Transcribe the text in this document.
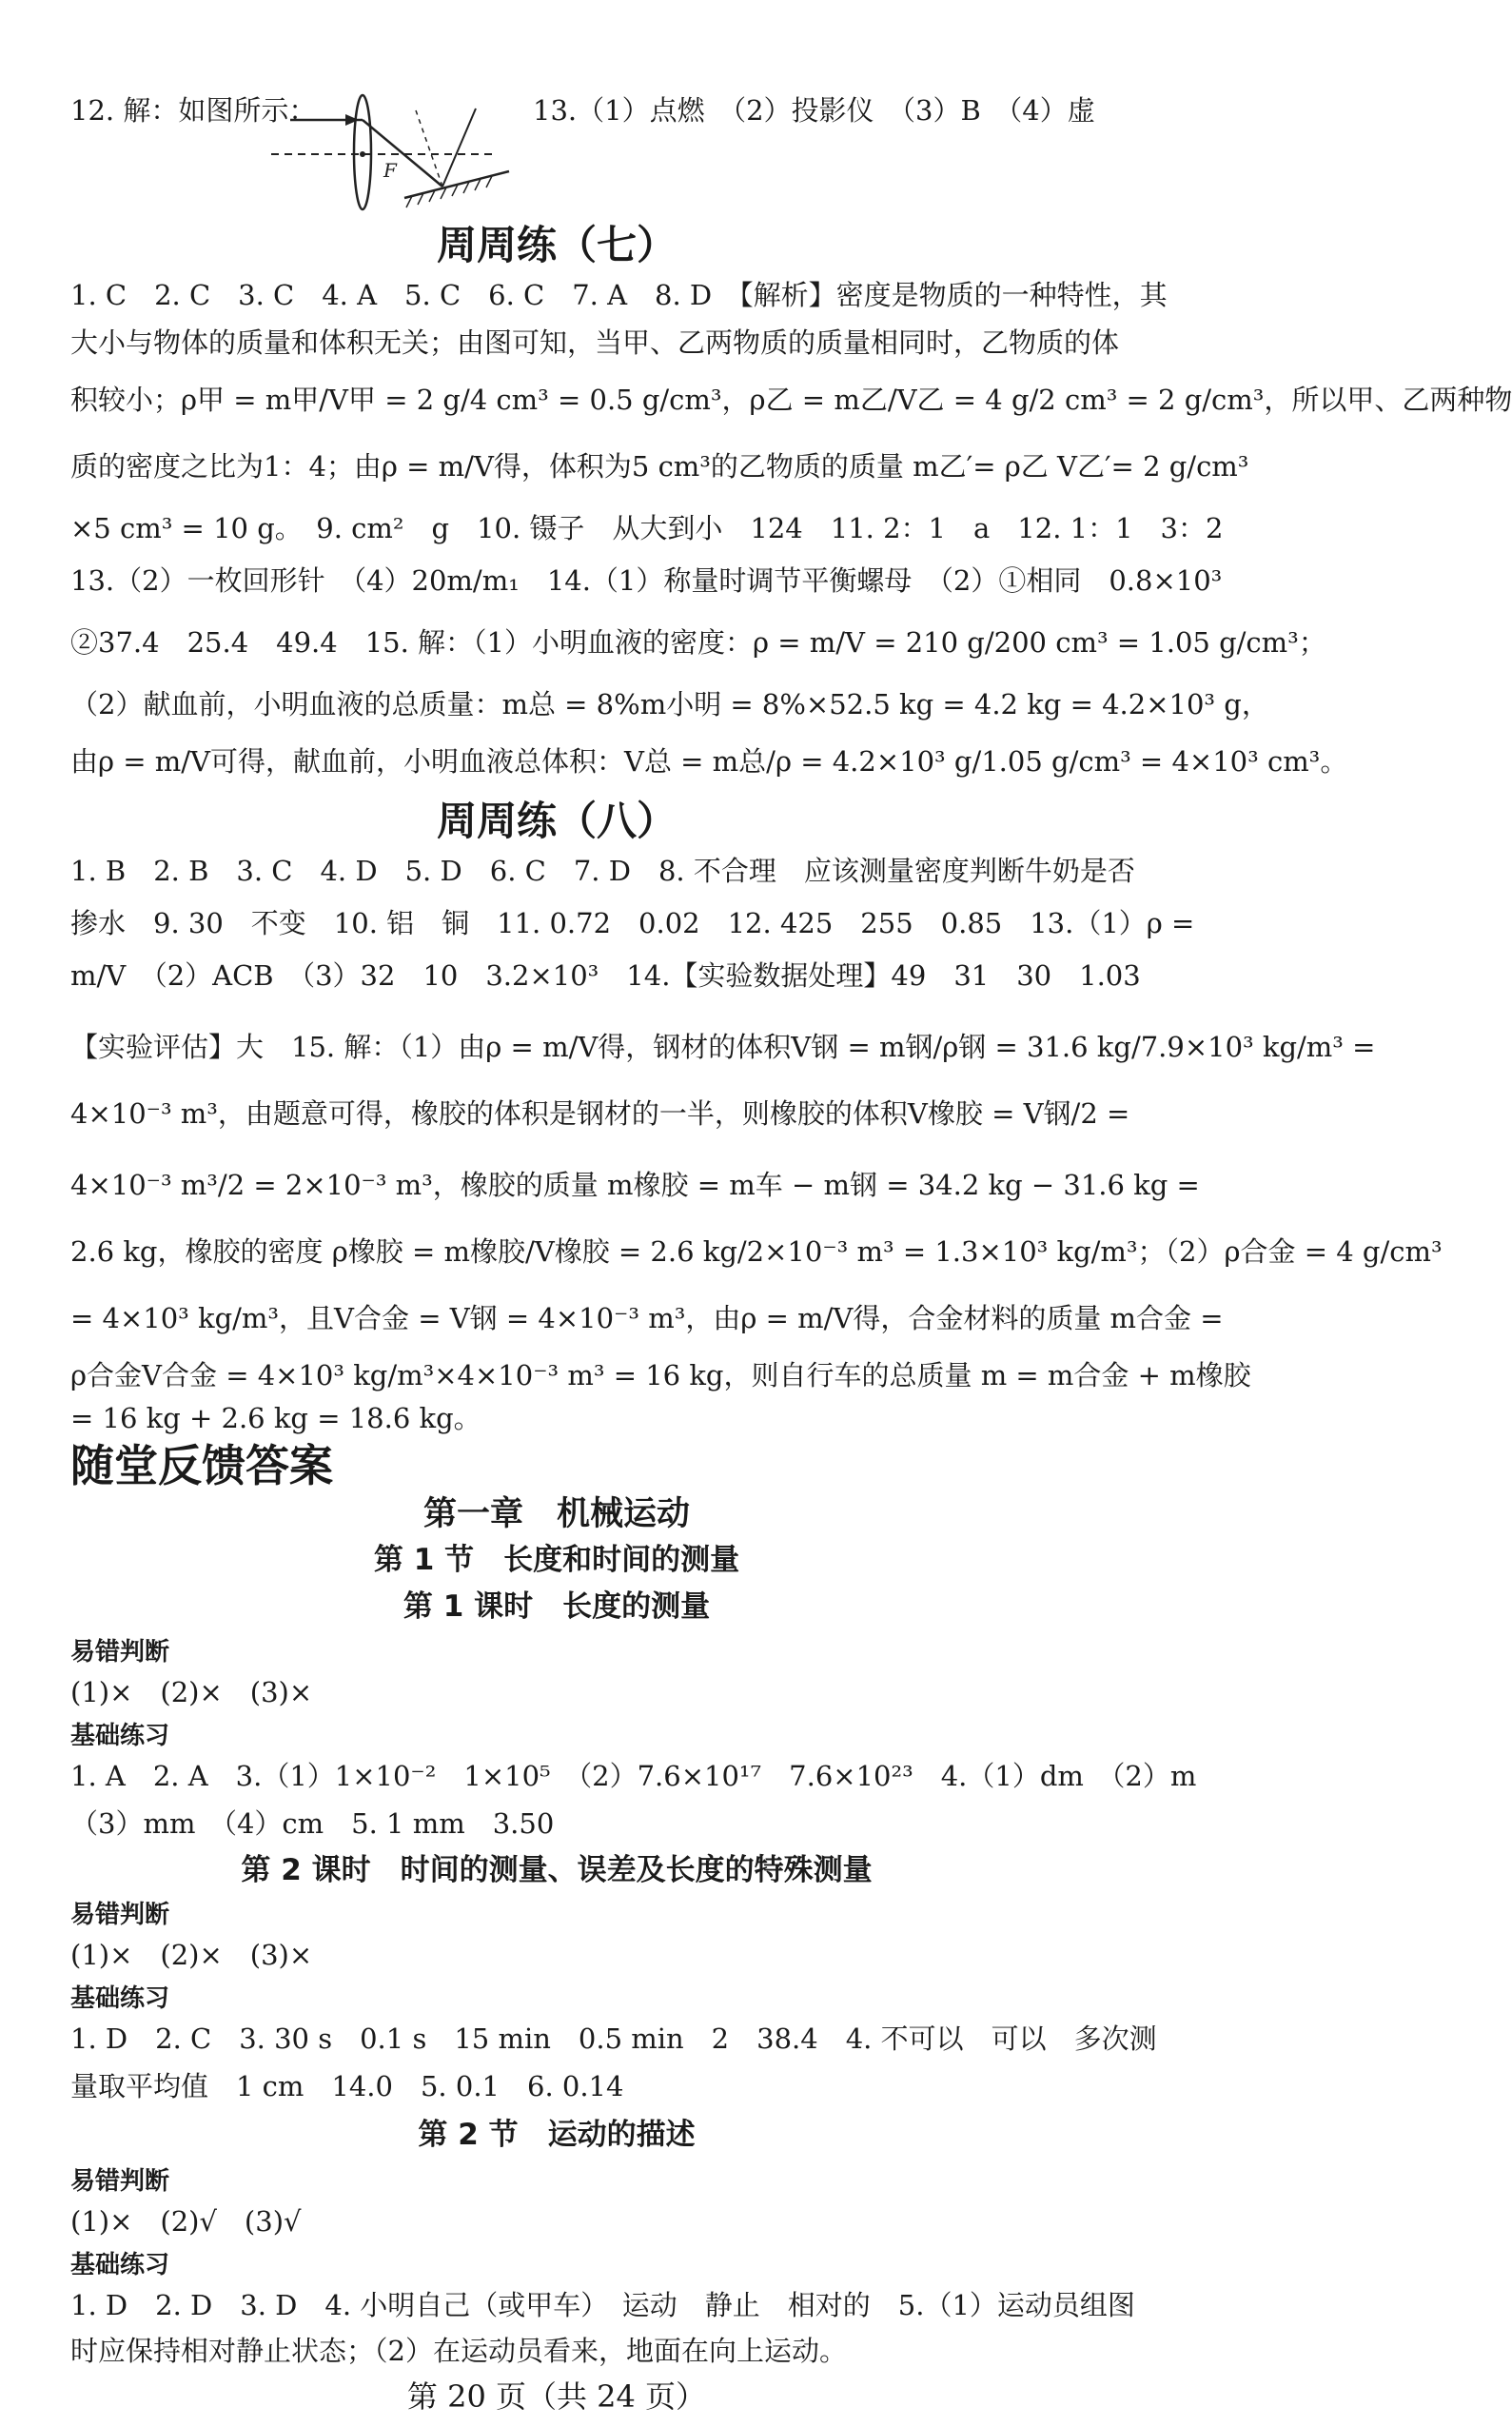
12. 解：如图所示：	13.（1）点燃　（2）投影仪　（3）B　（4）虚
F
周周练（七）
1. C　2. C　3. C　4. A　5. C　6. C　7. A　8. D　【解析】密度是物质的一种特性，其
大小与物体的质量和体积无关；由图可知，当甲、乙两物质的质量相同时，乙物质的体
积较小；ρ甲 = m甲/V甲 = 2 g/4 cm³ = 0.5 g/cm³，ρ乙 = m乙/V乙 = 4 g/2 cm³ = 2 g/cm³，所以甲、乙两种物
质的密度之比为1：4；由ρ = m/V得，体积为5 cm³的乙物质的质量 m乙′= ρ乙 V乙′= 2 g/cm³
×5 cm³ = 10 g。　9. cm²　g　10. 镊子　从大到小　124　11. 2：1　a　12. 1：1　3：2
13.（2）一枚回形针　（4）20m/m₁　14.（1）称量时调节平衡螺母　（2）①相同　0.8×10³
②37.4　25.4　49.4　15. 解：（1）小明血液的密度：ρ = m/V = 210 g/200 cm³ = 1.05 g/cm³；
（2）献血前，小明血液的总质量：m总 = 8%m小明 = 8%×52.5 kg = 4.2 kg = 4.2×10³ g，
由ρ = m/V可得，献血前，小明血液总体积：V总 = m总/ρ = 4.2×10³ g/1.05 g/cm³ = 4×10³ cm³。
周周练（八）
1. B　2. B　3. C　4. D　5. D　6. C　7. D　8. 不合理　应该测量密度判断牛奶是否
掺水　9. 30　不变　10. 铝　铜　11. 0.72　0.02　12. 425　255　0.85　13.（1）ρ =
m/V　（2）ACB　（3）32　10　3.2×10³　14.【实验数据处理】49　31　30　1.03
【实验评估】大　15. 解：（1）由ρ = m/V得，钢材的体积V钢 = m钢/ρ钢 = 31.6 kg/7.9×10³ kg/m³ =
4×10⁻³ m³，由题意可得，橡胶的体积是钢材的一半，则橡胶的体积V橡胶 = V钢/2 =
4×10⁻³ m³/2 = 2×10⁻³ m³，橡胶的质量 m橡胶 = m车 − m钢 = 34.2 kg − 31.6 kg =
2.6 kg，橡胶的密度 ρ橡胶 = m橡胶/V橡胶 = 2.6 kg/2×10⁻³ m³ = 1.3×10³ kg/m³；（2）ρ合金 = 4 g/cm³
= 4×10³ kg/m³，且V合金 = V钢 = 4×10⁻³ m³，由ρ = m/V得，合金材料的质量 m合金 =
ρ合金V合金 = 4×10³ kg/m³×4×10⁻³ m³ = 16 kg，则自行车的总质量 m = m合金 + m橡胶
= 16 kg + 2.6 kg = 18.6 kg。
随堂反馈答案
第一章　机械运动
第 1 节　长度和时间的测量
第 1 课时　长度的测量
易错判断
(1)×　(2)×　(3)×
基础练习
1. A　2. A　3.（1）1×10⁻²　1×10⁵　（2）7.6×10¹⁷　7.6×10²³　4.（1）dm　（2）m
（3）mm　（4）cm　5. 1 mm　3.50
第 2 课时　时间的测量、误差及长度的特殊测量
易错判断
(1)×　(2)×　(3)×
基础练习
1. D　2. C　3. 30 s　0.1 s　15 min　0.5 min　2　38.4　4. 不可以　可以　多次测
量取平均值　1 cm　14.0　5. 0.1　6. 0.14
第 2 节　运动的描述
易错判断
(1)×　(2)√　(3)√
基础练习
1. D　2. D　3. D　4. 小明自己（或甲车）　运动　静止　相对的　5.（1）运动员组图
时应保持相对静止状态；（2）在运动员看来，地面在向上运动。
第 20 页（共 24 页）
